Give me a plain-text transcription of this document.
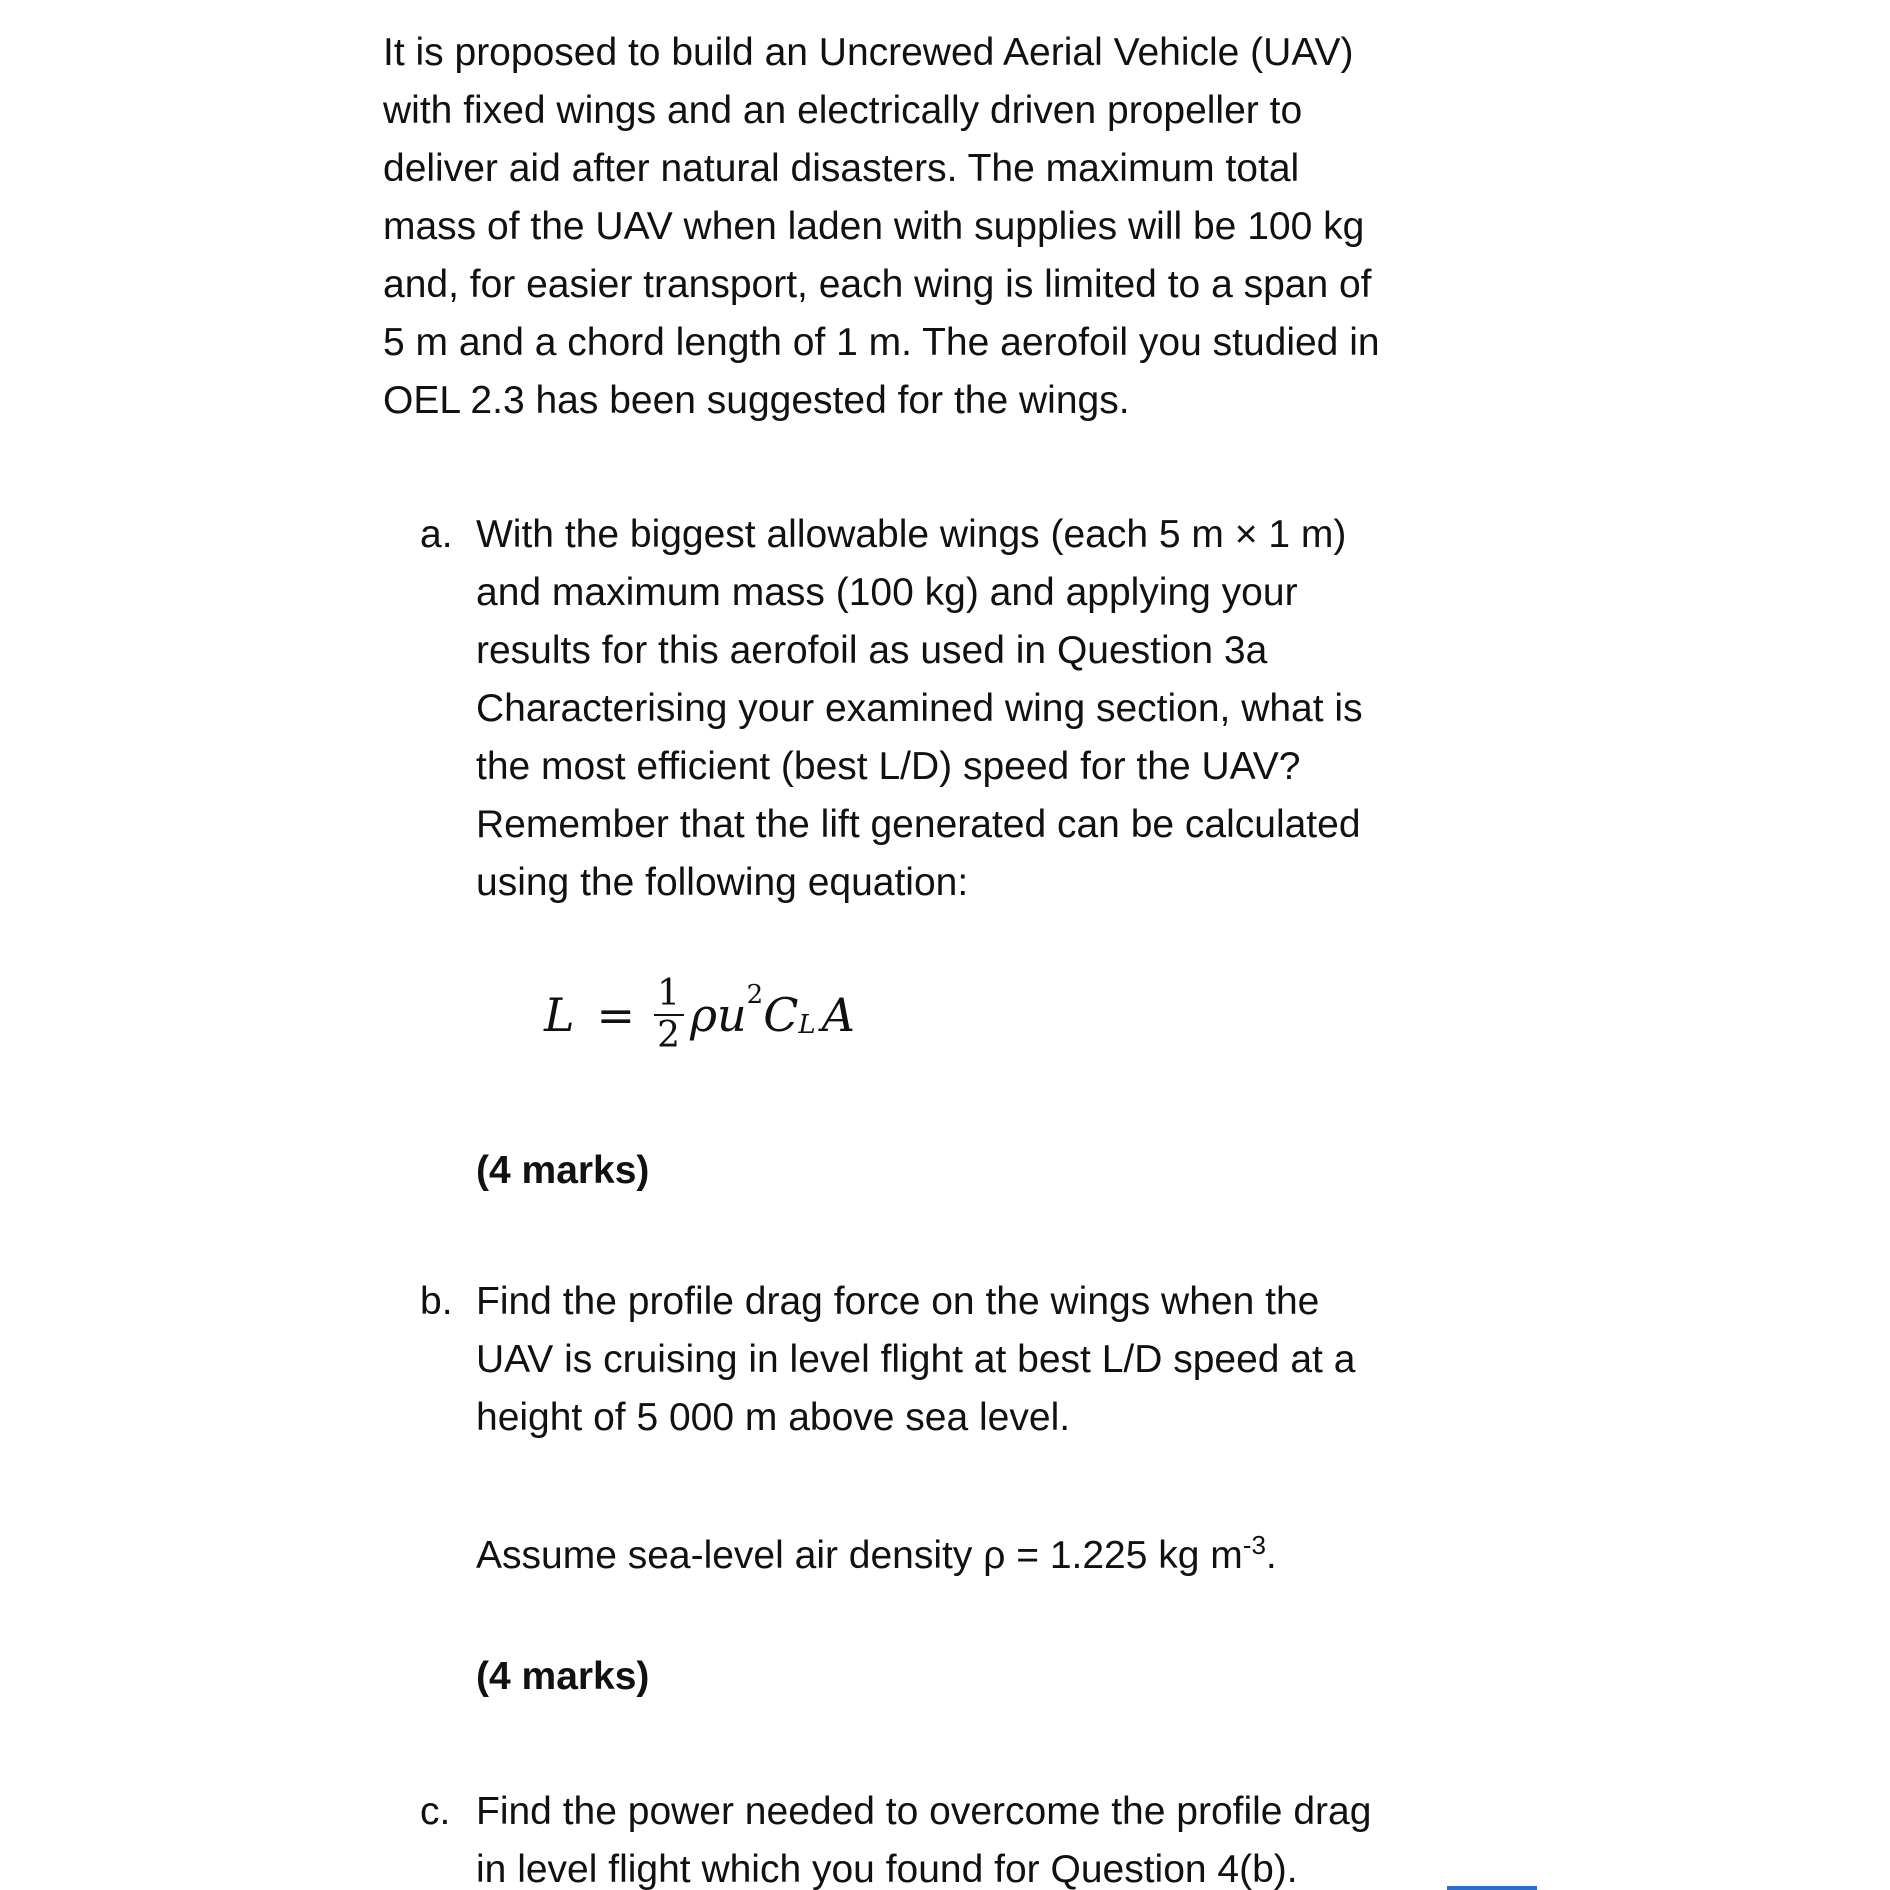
It is proposed to build an Uncrewed Aerial Vehicle (UAV) with fixed wings and an electrically driven propeller to deliver aid after natural disasters. The maximum total mass of the UAV when laden with supplies will be 100 kg and, for easier transport, each wing is limited to a span of 5 m and a chord length of 1 m. The aerofoil you studied in OEL 2.3 has been suggested for the wings.

a. With the biggest allowable wings (each 5 m × 1 m) and maximum mass (100 kg) and applying your results for this aerofoil as used in Question 3a Characterising your examined wing section, what is the most efficient (best L/D) speed for the UAV? Remember that the lift generated can be calculated using the following equation:

$L = \frac{1}{2}$ ρu 2 C L A

(4 marks)

b. Find the profile drag force on the wings when the UAV is cruising in level flight at best L/D speed at a height of 5 000 m above sea level.

Assume sea-level air density ρ = 1.225 kg $m^{-3}$.

(4 marks)

c. Find the power needed to overcome the profile drag in level flight which you found for Question 4(b).
